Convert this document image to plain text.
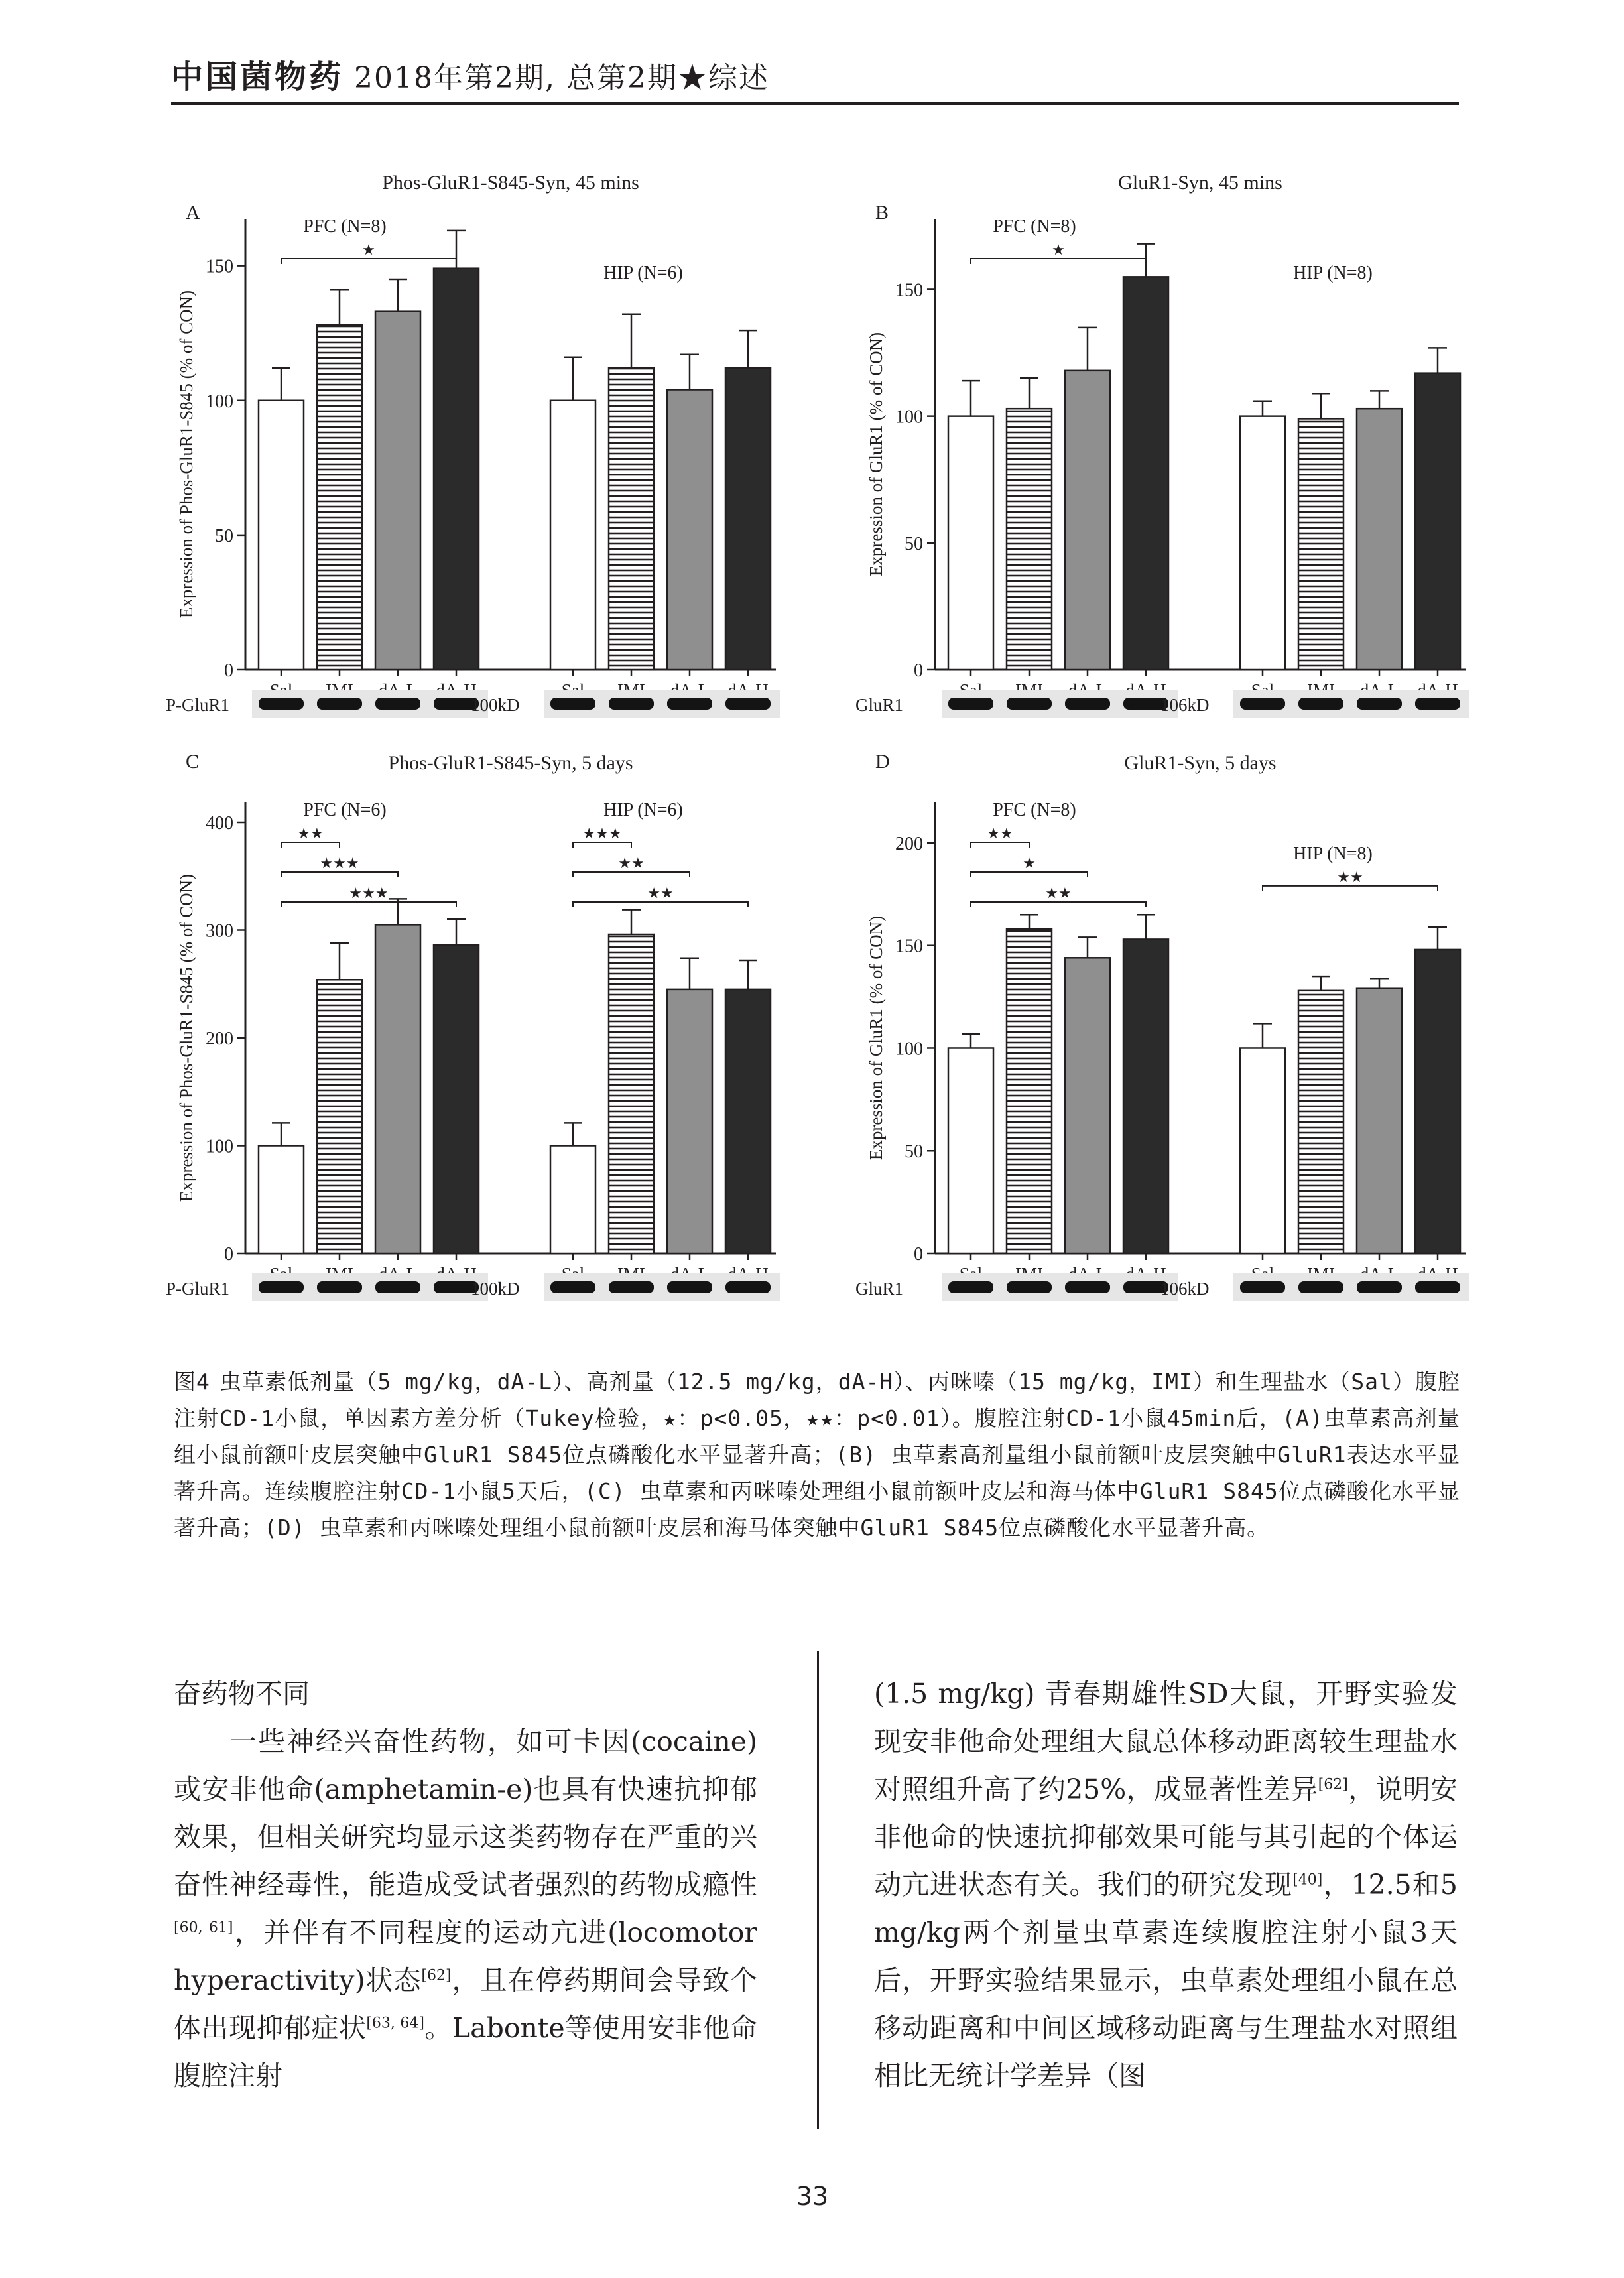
中国菌物药 2018年第2期, 总第2期★综述
A
Phos-GluR1-S845-Syn, 45 mins
0
50
100
150
Expression of Phos-GluR1-S845 (% of CON)
PFC (N=8)
★
HIP (N=6)
P-GluR1	100kD
B
GluR1-Syn, 45 mins
0
50
100
150
Expression of GluR1 (% of CON)
PFC (N=8)
★
HIP (N=8)
GluR1	106kD
C	Phos-GluR1-S845-Syn, 5 days
0
100
200
300
400
Expression of Phos-GluR1-S845 (% of CON)
PFC (N=6)
★★
★★★
★★★
HIP (N=6)
★★★
★★
★★
P-GluR1	100kD
D	GluR1-Syn, 5 days
0
50
100
150
200
Expression of GluR1 (% of CON)
PFC (N=8)
★★
★
★★
HIP (N=8)
★★
GluR1	106kD
图4 虫草素低剂量（5 mg/kg，dA-L）、高剂量（12.5 mg/kg，dA-H）、丙咪嗪（15 mg/kg，IMI）和生理盐水（Sal）腹腔注射CD-1小鼠，单因素方差分析（Tukey检验，★：p<0.05，★★：p<0.01）。腹腔注射CD-1小鼠45min后，(A)虫草素高剂量组小鼠前额叶皮层突触中GluR1 S845位点磷酸化水平显著升高；(B) 虫草素高剂量组小鼠前额叶皮层突触中GluR1表达水平显著升高。连续腹腔注射CD-1小鼠5天后，(C) 虫草素和丙咪嗪处理组小鼠前额叶皮层和海马体中GluR1 S845位点磷酸化水平显著升高；(D) 虫草素和丙咪嗪处理组小鼠前额叶皮层和海马体突触中GluR1 S845位点磷酸化水平显著升高。

奋药物不同

一些神经兴奋性药物，如可卡因(cocaine)或安非他命(amphetamin-e)也具有快速抗抑郁效果，但相关研究均显示这类药物存在严重的兴奋性神经毒性，能造成受试者强烈的药物成瘾性[60, 61]，并伴有不同程度的运动亢进(locomotor hyperactivity)状态[62]，且在停药期间会导致个体出现抑郁症状[63, 64]。Labonte等使用安非他命腹腔注射

(1.5 mg/kg) 青春期雄性SD大鼠，开野实验发现安非他命处理组大鼠总体移动距离较生理盐水对照组升高了约25%，成显著性差异[62]，说明安非他命的快速抗抑郁效果可能与其引起的个体运动亢进状态有关。我们的研究发现[40]，12.5和5 mg/kg两个剂量虫草素连续腹腔注射小鼠3天后，开野实验结果显示，虫草素处理组小鼠在总移动距离和中间区域移动距离与生理盐水对照组相比无统计学差异（图

33
